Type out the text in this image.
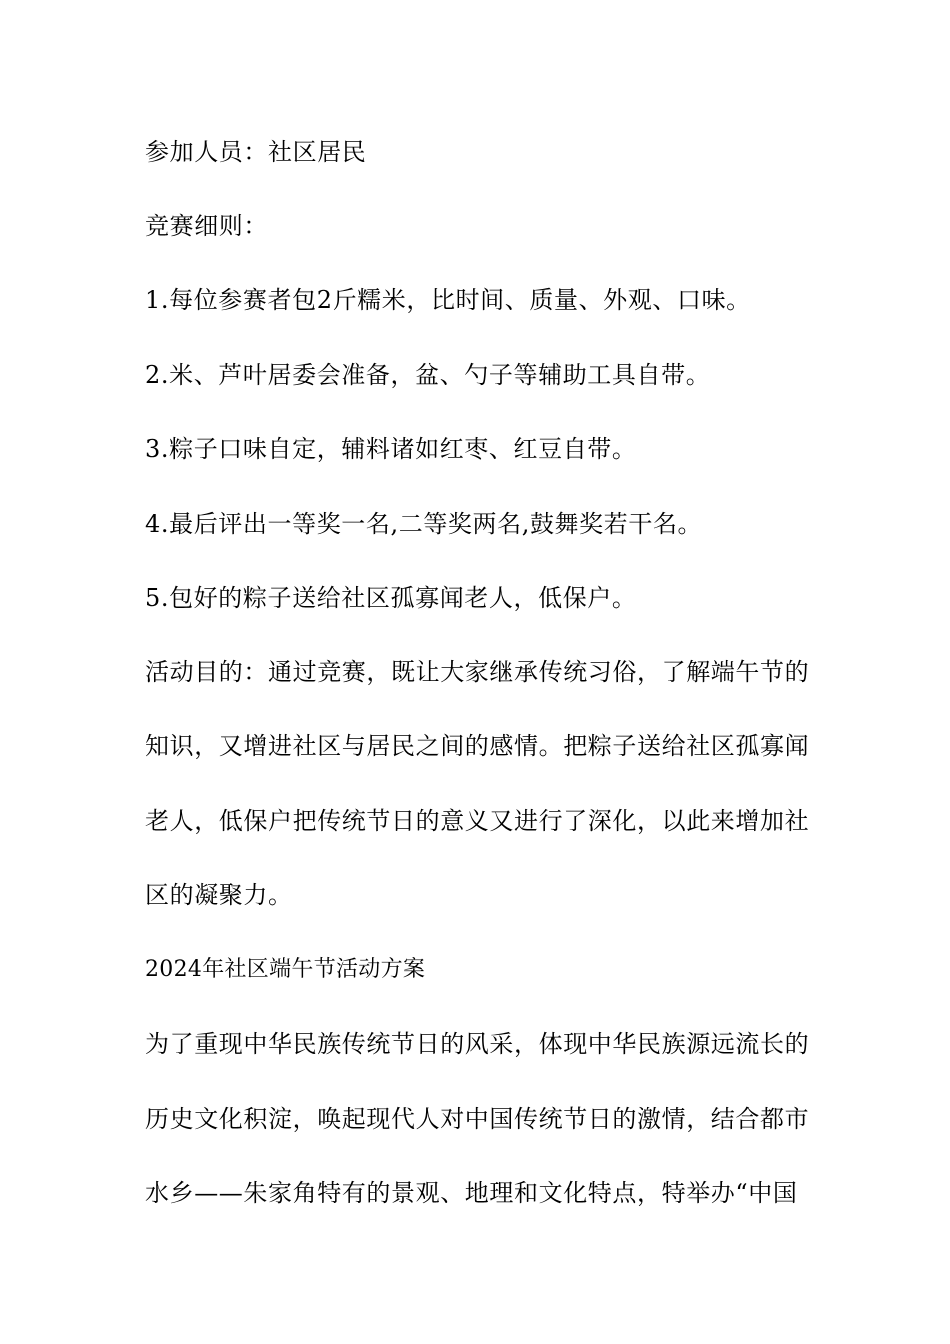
参加人员：社区居民
竞赛细则：
1.每位参赛者包2斤糯米，比时间、质量、外观、口味。
2.米、芦叶居委会准备，盆、勺子等辅助工具自带。
3.粽子口味自定，辅料诸如红枣、红豆自带。
4.最后评出一等奖一名,二等奖两名,鼓舞奖若干名。
5.包好的粽子送给社区孤寡闻老人，低保户。
活动目的：通过竞赛，既让大家继承传统习俗，了解端午节的
知识，又增进社区与居民之间的感情。把粽子送给社区孤寡闻
老人，低保户把传统节日的意义又进行了深化，以此来增加社
区的凝聚力。
2024年社区端午节活动方案
为了重现中华民族传统节日的风采，体现中华民族源远流长的
历史文化积淀，唤起现代人对中国传统节日的激情，结合都市
水乡——朱家角特有的景观、地理和文化特点，特举办“中国
